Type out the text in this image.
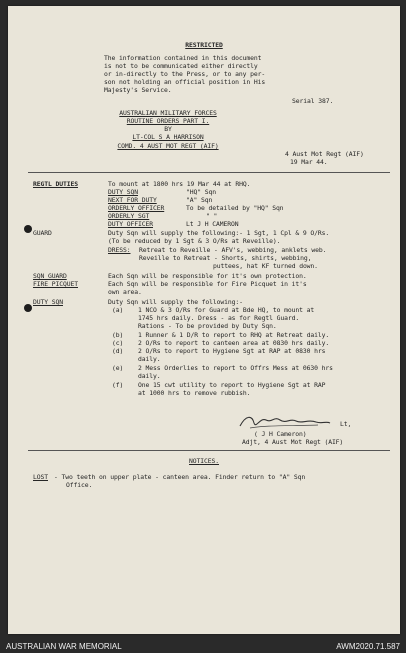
RESTRICTED
The information contained in this document
is not to be communicated either directly
or in-directly to the Press, or to any per-
son not holding an official position in His
Majesty's Service.
Serial 387.
AUSTRALIAN MILITARY FORCES
ROUTINE ORDERS PART I.
BY
LT-COL S A HARRISON
COMD. 4 AUST MOT REGT (AIF)
4 Aust Mot Regt (AIF)
19 Mar 44.
REGTL DUTIES	To mount at 1800 hrs 19 Mar 44 at RHQ.
DUTY SQN	"HQ" Sqn
NEXT FOR DUTY	"A" Sqn
ORDERLY OFFICER	To be detailed by "HQ" Sqn
ORDERLY SGT	" "
DUTY OFFICER	Lt J H CAMERON
GUARD	Duty Sqn will supply the following:- 1 Sgt, 1 Cpl & 9 O/Rs.
(To be reduced by 1 Sgt & 3 O/Rs at Reveille).
DRESS: Retreat to Reveille - AFV's, webbing, anklets web.
Reveille to Retreat - Shorts, shirts, webbing,
puttees, hat KF turned down.
SQN GUARD	Each Sqn will be responsible for it's own protection.
FIRE PICQUET	Each Sqn will be responsible for Fire Picquet in it's
own area.
DUTY SQN	Duty Sqn will supply the following:-
(a) 1 NCO & 3 O/Rs for Guard at Bde HQ, to mount at
1745 hrs daily. Dress - as for Regtl Guard.
Rations - To be provided by Duty Sqn.
(b) 1 Runner & 1 D/R to report to RHQ at Retreat daily.
(c) 2 O/Rs to report to canteen area at 0830 hrs daily.
(d) 2 O/Rs to report to Hygiene Sgt at RAP at 0830 hrs
daily.
(e) 2 Mess Orderlies to report to Offrs Mess at 0630 hrs
daily.
(f) One 15 cwt utility to report to Hygiene Sgt at RAP
at 1000 hrs to remove rubbish.
Lt,
( J H Cameron)
Adjt, 4 Aust Mot Regt (AIF)
NOTICES.
LOST - Two teeth on upper plate - canteen area. Finder return to "A" Sqn
Office.
AUSTRALIAN WAR MEMORIAL	AWM2020.71.587
